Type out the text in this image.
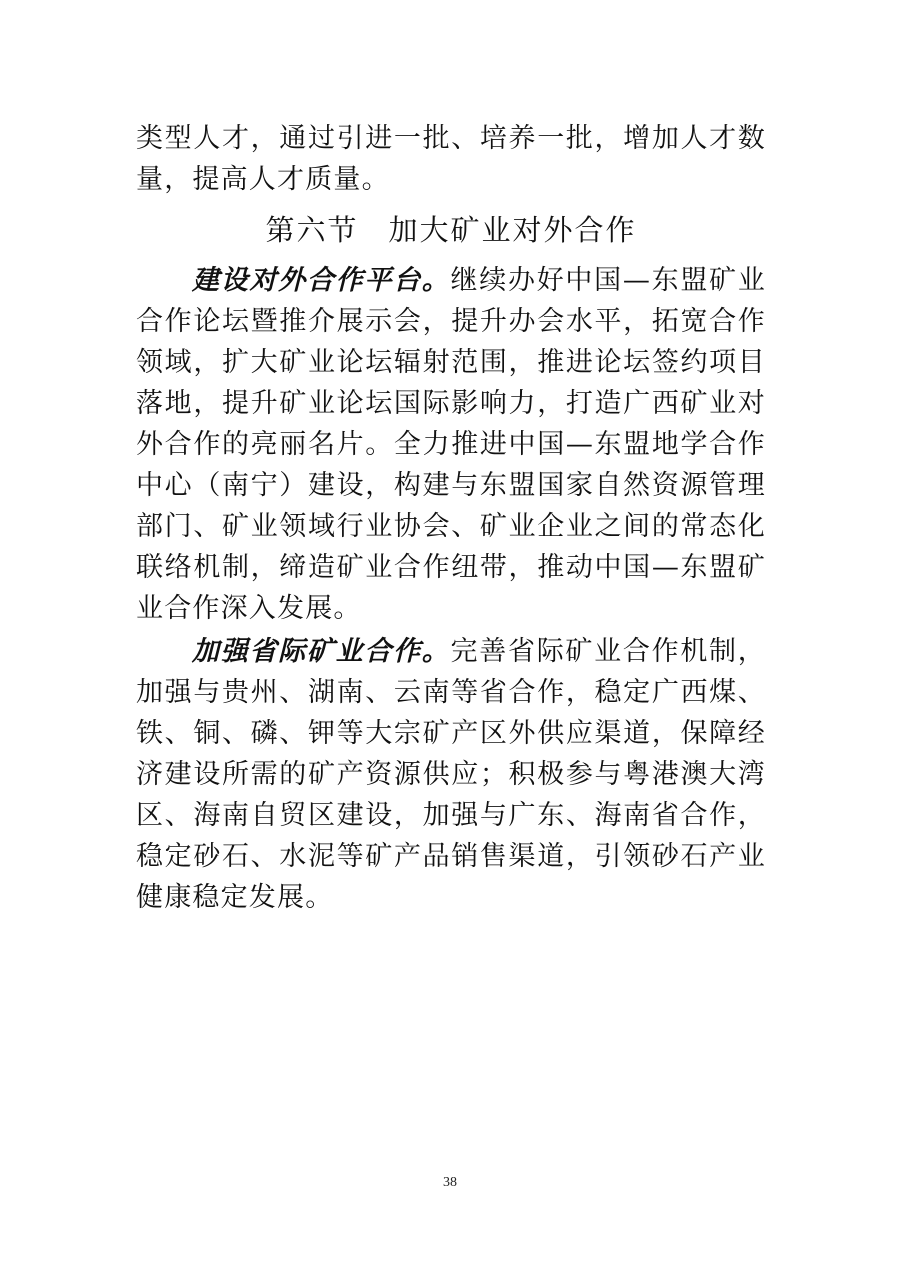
类型人才，通过引进一批、培养一批，增加人才数量，提高人才质量。

第六节 加大矿业对外合作

建设对外合作平台。继续办好中国—东盟矿业合作论坛暨推介展示会，提升办会水平，拓宽合作领域，扩大矿业论坛辐射范围，推进论坛签约项目落地，提升矿业论坛国际影响力，打造广西矿业对外合作的亮丽名片。全力推进中国—东盟地学合作中心（南宁）建设，构建与东盟国家自然资源管理部门、矿业领域行业协会、矿业企业之间的常态化联络机制，缔造矿业合作纽带，推动中国—东盟矿业合作深入发展。

加强省际矿业合作。完善省际矿业合作机制，加强与贵州、湖南、云南等省合作，稳定广西煤、铁、铜、磷、钾等大宗矿产区外供应渠道，保障经济建设所需的矿产资源供应；积极参与粤港澳大湾区、海南自贸区建设，加强与广东、海南省合作，稳定砂石、水泥等矿产品销售渠道，引领砂石产业健康稳定发展。

38
